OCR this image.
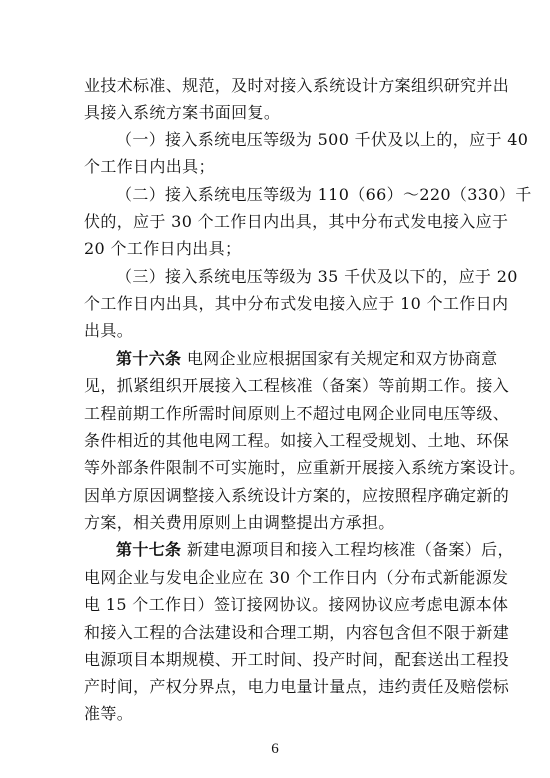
业技术标准、规范，及时对接入系统设计方案组织研究并出
具接入系统方案书面回复。
（一）接入系统电压等级为 500 千伏及以上的，应于 40
个工作日内出具；
（二）接入系统电压等级为 110（66）～220（330）千
伏的，应于 30 个工作日内出具，其中分布式发电接入应于
20 个工作日内出具；
（三）接入系统电压等级为 35 千伏及以下的，应于 20
个工作日内出具，其中分布式发电接入应于 10 个工作日内
出具。
第十六条 电网企业应根据国家有关规定和双方协商意
见，抓紧组织开展接入工程核准（备案）等前期工作。接入
工程前期工作所需时间原则上不超过电网企业同电压等级、
条件相近的其他电网工程。如接入工程受规划、土地、环保
等外部条件限制不可实施时，应重新开展接入系统方案设计。
因单方原因调整接入系统设计方案的，应按照程序确定新的
方案，相关费用原则上由调整提出方承担。
第十七条 新建电源项目和接入工程均核准（备案）后，
电网企业与发电企业应在 30 个工作日内（分布式新能源发
电 15 个工作日）签订接网协议。接网协议应考虑电源本体
和接入工程的合法建设和合理工期，内容包含但不限于新建
电源项目本期规模、开工时间、投产时间，配套送出工程投
产时间，产权分界点，电力电量计量点，违约责任及赔偿标
准等。
6
